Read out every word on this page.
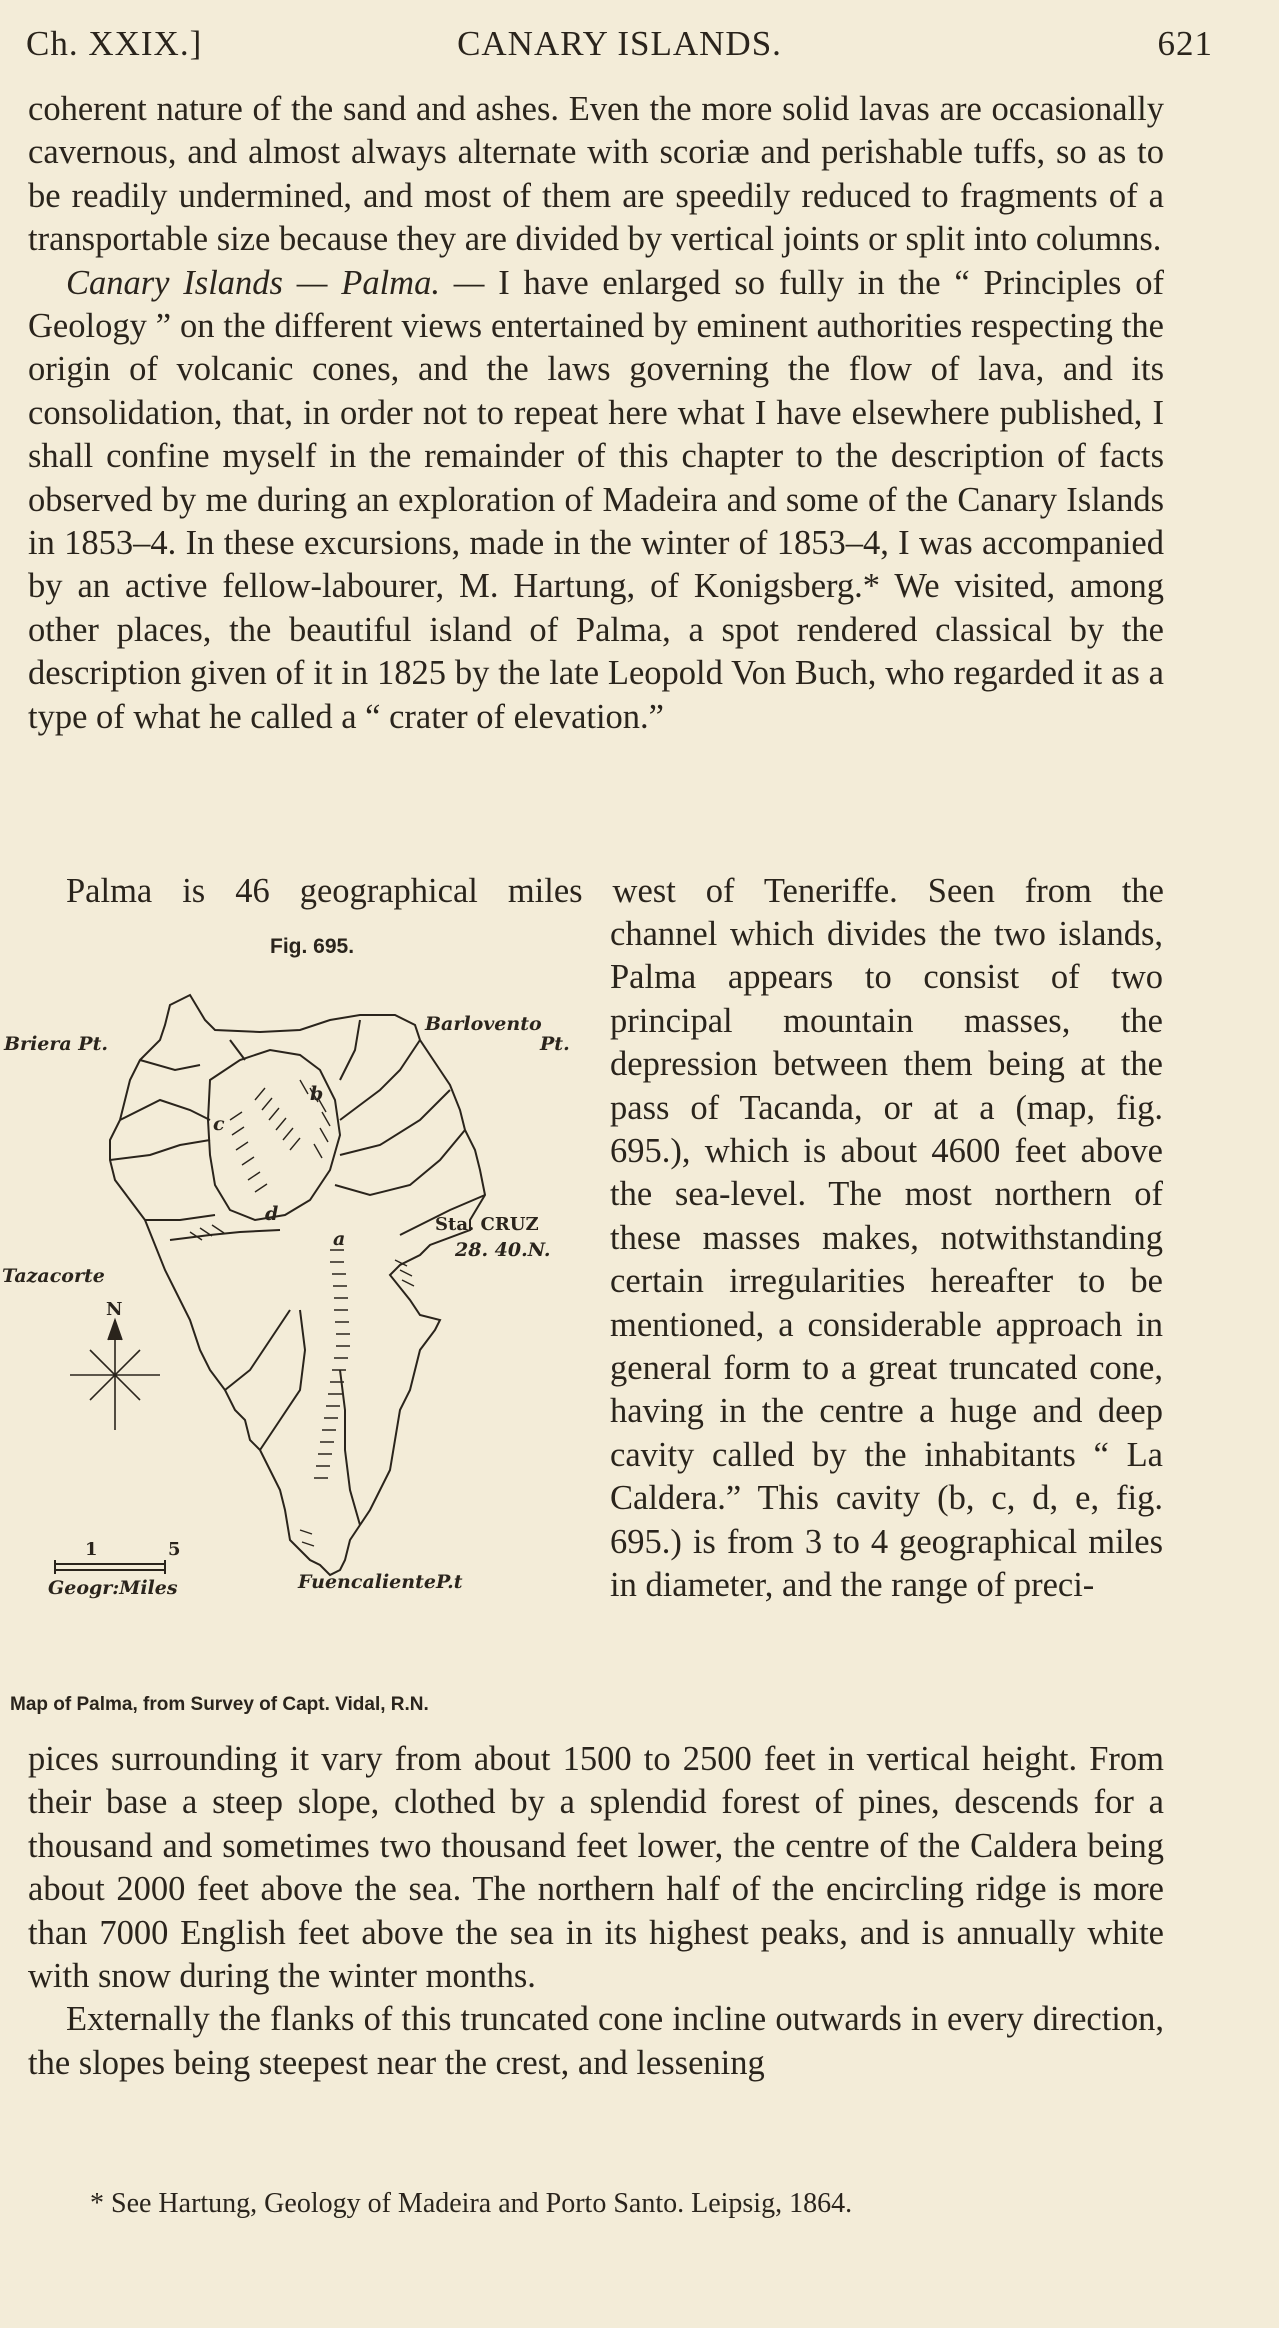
Ch. XXIX.]	CANARY ISLANDS.	621

coherent nature of the sand and ashes. Even the more solid lavas are occasionally cavernous, and almost always alternate with scoriæ and perishable tuffs, so as to be readily undermined, and most of them are speedily reduced to fragments of a transportable size because they are divided by vertical joints or split into columns.

Canary Islands — Palma. — I have enlarged so fully in the “ Principles of Geology ” on the different views entertained by eminent authorities respecting the origin of volcanic cones, and the laws governing the flow of lava, and its consolidation, that, in order not to repeat here what I have elsewhere published, I shall confine myself in the remainder of this chapter to the description of facts observed by me during an exploration of Madeira and some of the Canary Islands in 1853–4. In these excursions, made in the winter of 1853–4, I was accompanied by an active fellow-labourer, M. Hartung, of Konigsberg.* We visited, among other places, the beautiful island of Palma, a spot rendered classical by the description given of it in 1825 by the late Leopold Von Buch, who regarded it as a type of what he called a “ crater of elevation.”

Palma is 46 geographical miles west of Teneriffe. Seen from the
Fig. 695.
Briera Pt.
Barlovento
Pt.
Sta. CRUZ
28. 40.N.
Tazacorte
N
FuencalienteP.t
1	5
Geogr:Miles
a
b
c
d
Map of Palma, from Survey of Capt. Vidal, R.N.
channel which divides the two islands, Palma appears to consist of two principal mountain masses, the depression between them being at the pass of Tacanda, or at a (map, fig. 695.), which is about 4600 feet above the sea-level. The most northern of these masses makes, notwithstanding certain irregularities hereafter to be mentioned, a considerable approach in general form to a great truncated cone, having in the centre a huge and deep cavity called by the inhabitants “ La Caldera.” This cavity (b, c, d, e, fig. 695.) is from 3 to 4 geographical miles in diameter, and the range of preci-

pices surrounding it vary from about 1500 to 2500 feet in vertical height. From their base a steep slope, clothed by a splendid forest of pines, descends for a thousand and sometimes two thousand feet lower, the centre of the Caldera being about 2000 feet above the sea. The northern half of the encircling ridge is more than 7000 English feet above the sea in its highest peaks, and is annually white with snow during the winter months.

Externally the flanks of this truncated cone incline outwards in every direction, the slopes being steepest near the crest, and lessening

* See Hartung, Geology of Madeira and Porto Santo. Leipsig, 1864.
